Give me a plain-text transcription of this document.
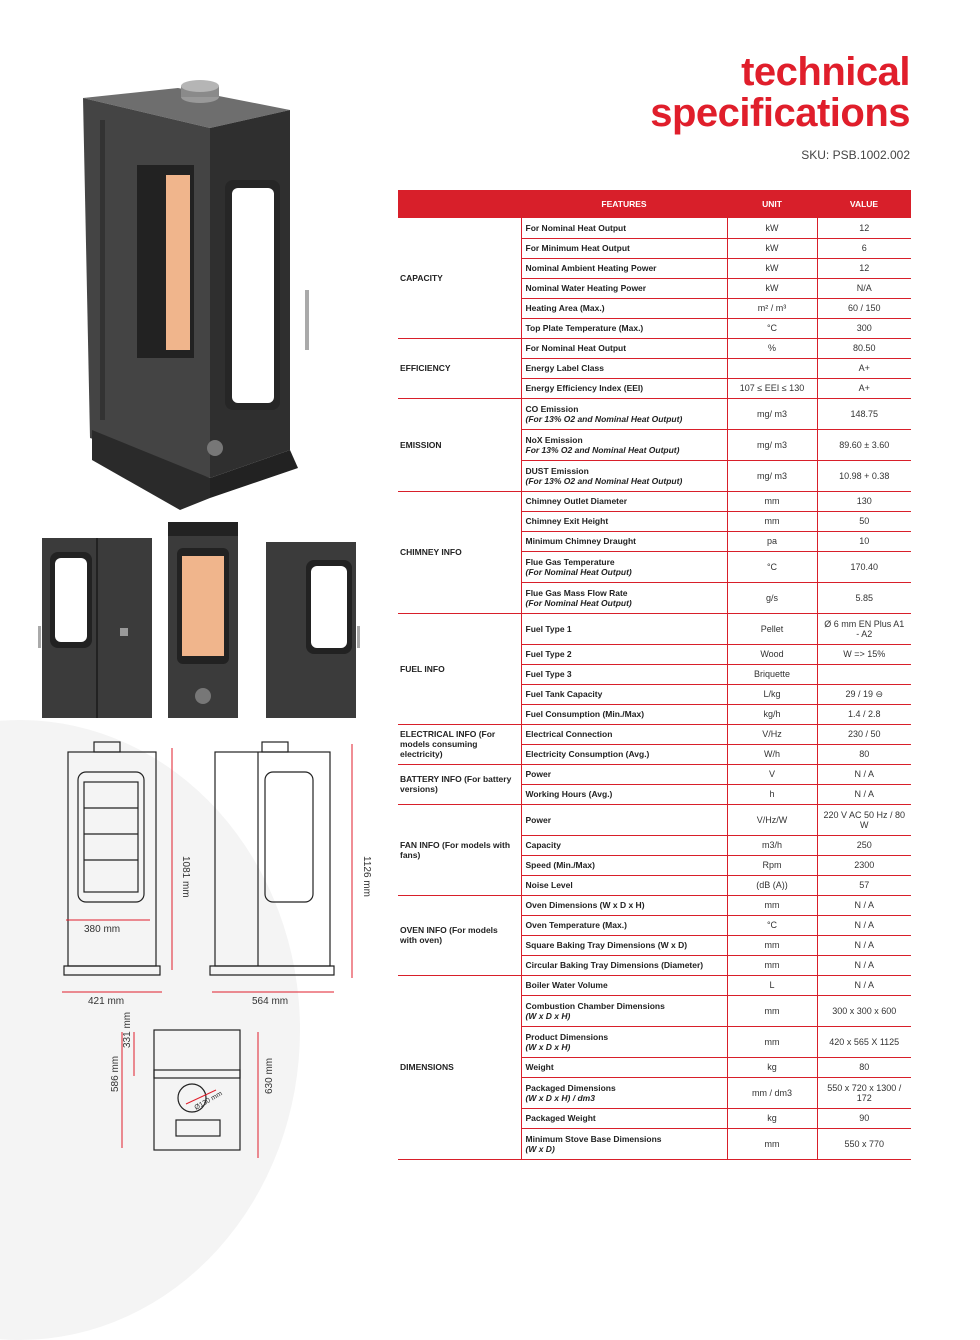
technical
specifications
SKU: PSB.1002.002
380 mm
421 mm
1081 mm
564 mm
1126 mm
331 mm
586 mm	630 mm
Ø130 mm
	FEATURES	UNIT	VALUE
CAPACITY	For Nominal Heat Output	kW	12
	For Minimum Heat Output	kW	6
	Nominal Ambient Heating Power	kW	12
	Nominal Water Heating Power	kW	N/A
	Heating Area (Max.)	m² / m³	60 / 150
	Top Plate Temperature (Max.)	°C	300
EFFICIENCY	For Nominal Heat Output	%	80.50
	Energy Label Class		A+
	Energy Efficiency Index (EEI)	107 ≤ EEI ≤ 130	A+
EMISSION	CO Emission
(For 13% O2 and Nominal Heat Output)	mg/ m3	148.75
	NoX Emission
For 13% O2 and Nominal Heat Output)	mg/ m3	89.60 ± 3.60
	DUST Emission
(For 13% O2 and Nominal Heat Output)	mg/ m3	10.98 + 0.38
CHIMNEY INFO	Chimney Outlet Diameter	mm	130
	Chimney Exit Height	mm	50
	Minimum Chimney Draught	pa	10
	Flue Gas Temperature
(For Nominal Heat Output)	°C	170.40
	Flue Gas Mass Flow Rate
(For Nominal Heat Output)	g/s	5.85
FUEL INFO	Fuel Type 1	Pellet	Ø 6 mm EN Plus A1 - A2
	Fuel Type 2	Wood	W => 15%
	Fuel Type 3	Briquette	
	Fuel Tank Capacity	L/kg	29 / 19 ⊖
	Fuel Consumption (Min./Max)	kg/h	1.4 / 2.8
ELECTRICAL INFO (For models consuming electricity)	Electrical Connection	V/Hz	230 / 50
	Electricity Consumption (Avg.)	W/h	80
BATTERY INFO (For battery versions)	Power	V	N / A
	Working Hours (Avg.)	h	N / A
FAN INFO (For models with fans)	Power	V/Hz/W	220 V AC 50 Hz / 80 W
	Capacity	m3/h	250
	Speed (Min./Max)	Rpm	2300
	Noise Level	(dB (A))	57
OVEN INFO (For models with oven)	Oven Dimensions (W x D x H)	mm	N / A
	Oven Temperature (Max.)	°C	N / A
	Square Baking Tray Dimensions (W x D)	mm	N / A
	Circular Baking Tray Dimensions (Diameter)	mm	N / A
DIMENSIONS	Boiler Water Volume	L	N / A
	Combustion Chamber Dimensions
(W x D x H)	mm	300 x 300 x 600
	Product Dimensions
(W x D x H)	mm	420 x 565 X 1125
	Weight	kg	80
	Packaged Dimensions
(W x D x H) / dm3	mm / dm3	550 x 720 x 1300 / 172
	Packaged Weight	kg	90
	Minimum Stove Base Dimensions
(W x D)	mm	550 x 770
